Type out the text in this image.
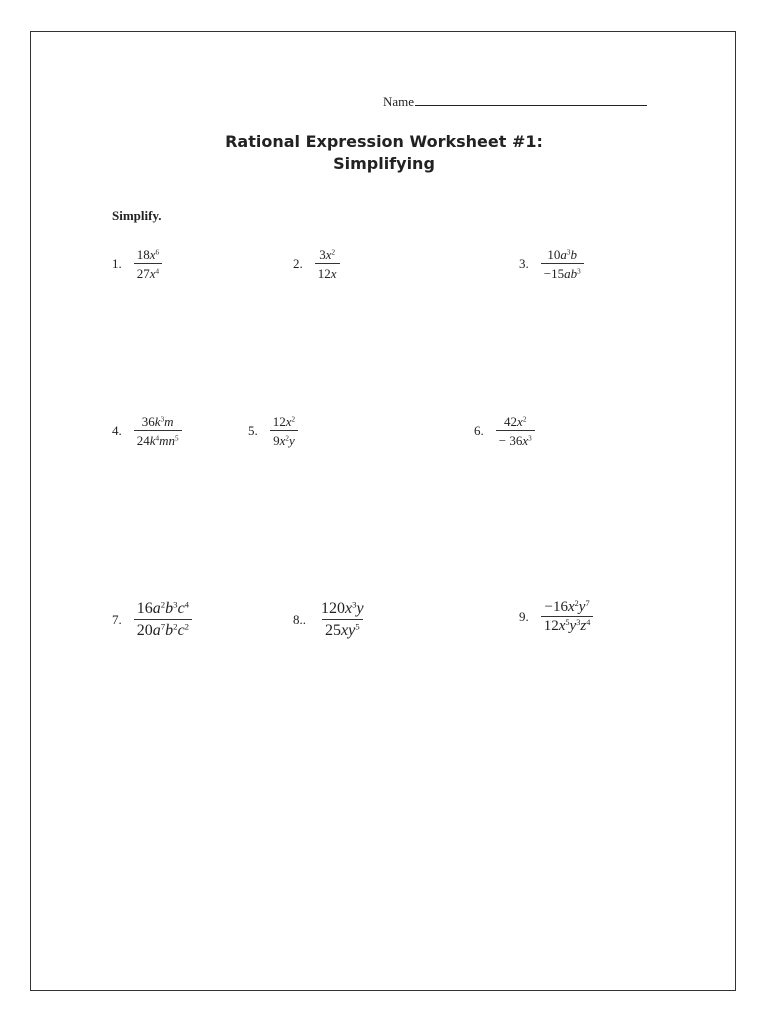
Name
Rational Expression Worksheet #1:
Simplifying
Simplify.
1. $\frac{18x^6}{27x^4}$	2. $\frac{3x^2}{12x}$	3. $\frac{10a^3b}{-15ab^3}$
4. $\frac{36k^3m}{24k^4mn^5}$	5. $\frac{12x^2}{9x^2y}$	6. $\frac{42x^2}{- 36x^3}$
7. $\frac{16a^2b^3c^4}{20a^7b^2c^2}$	8.. $\frac{120x^3y}{25xy^5}$	9. $\frac{-16x^2y^7}{12x^5y^3z^4}$
